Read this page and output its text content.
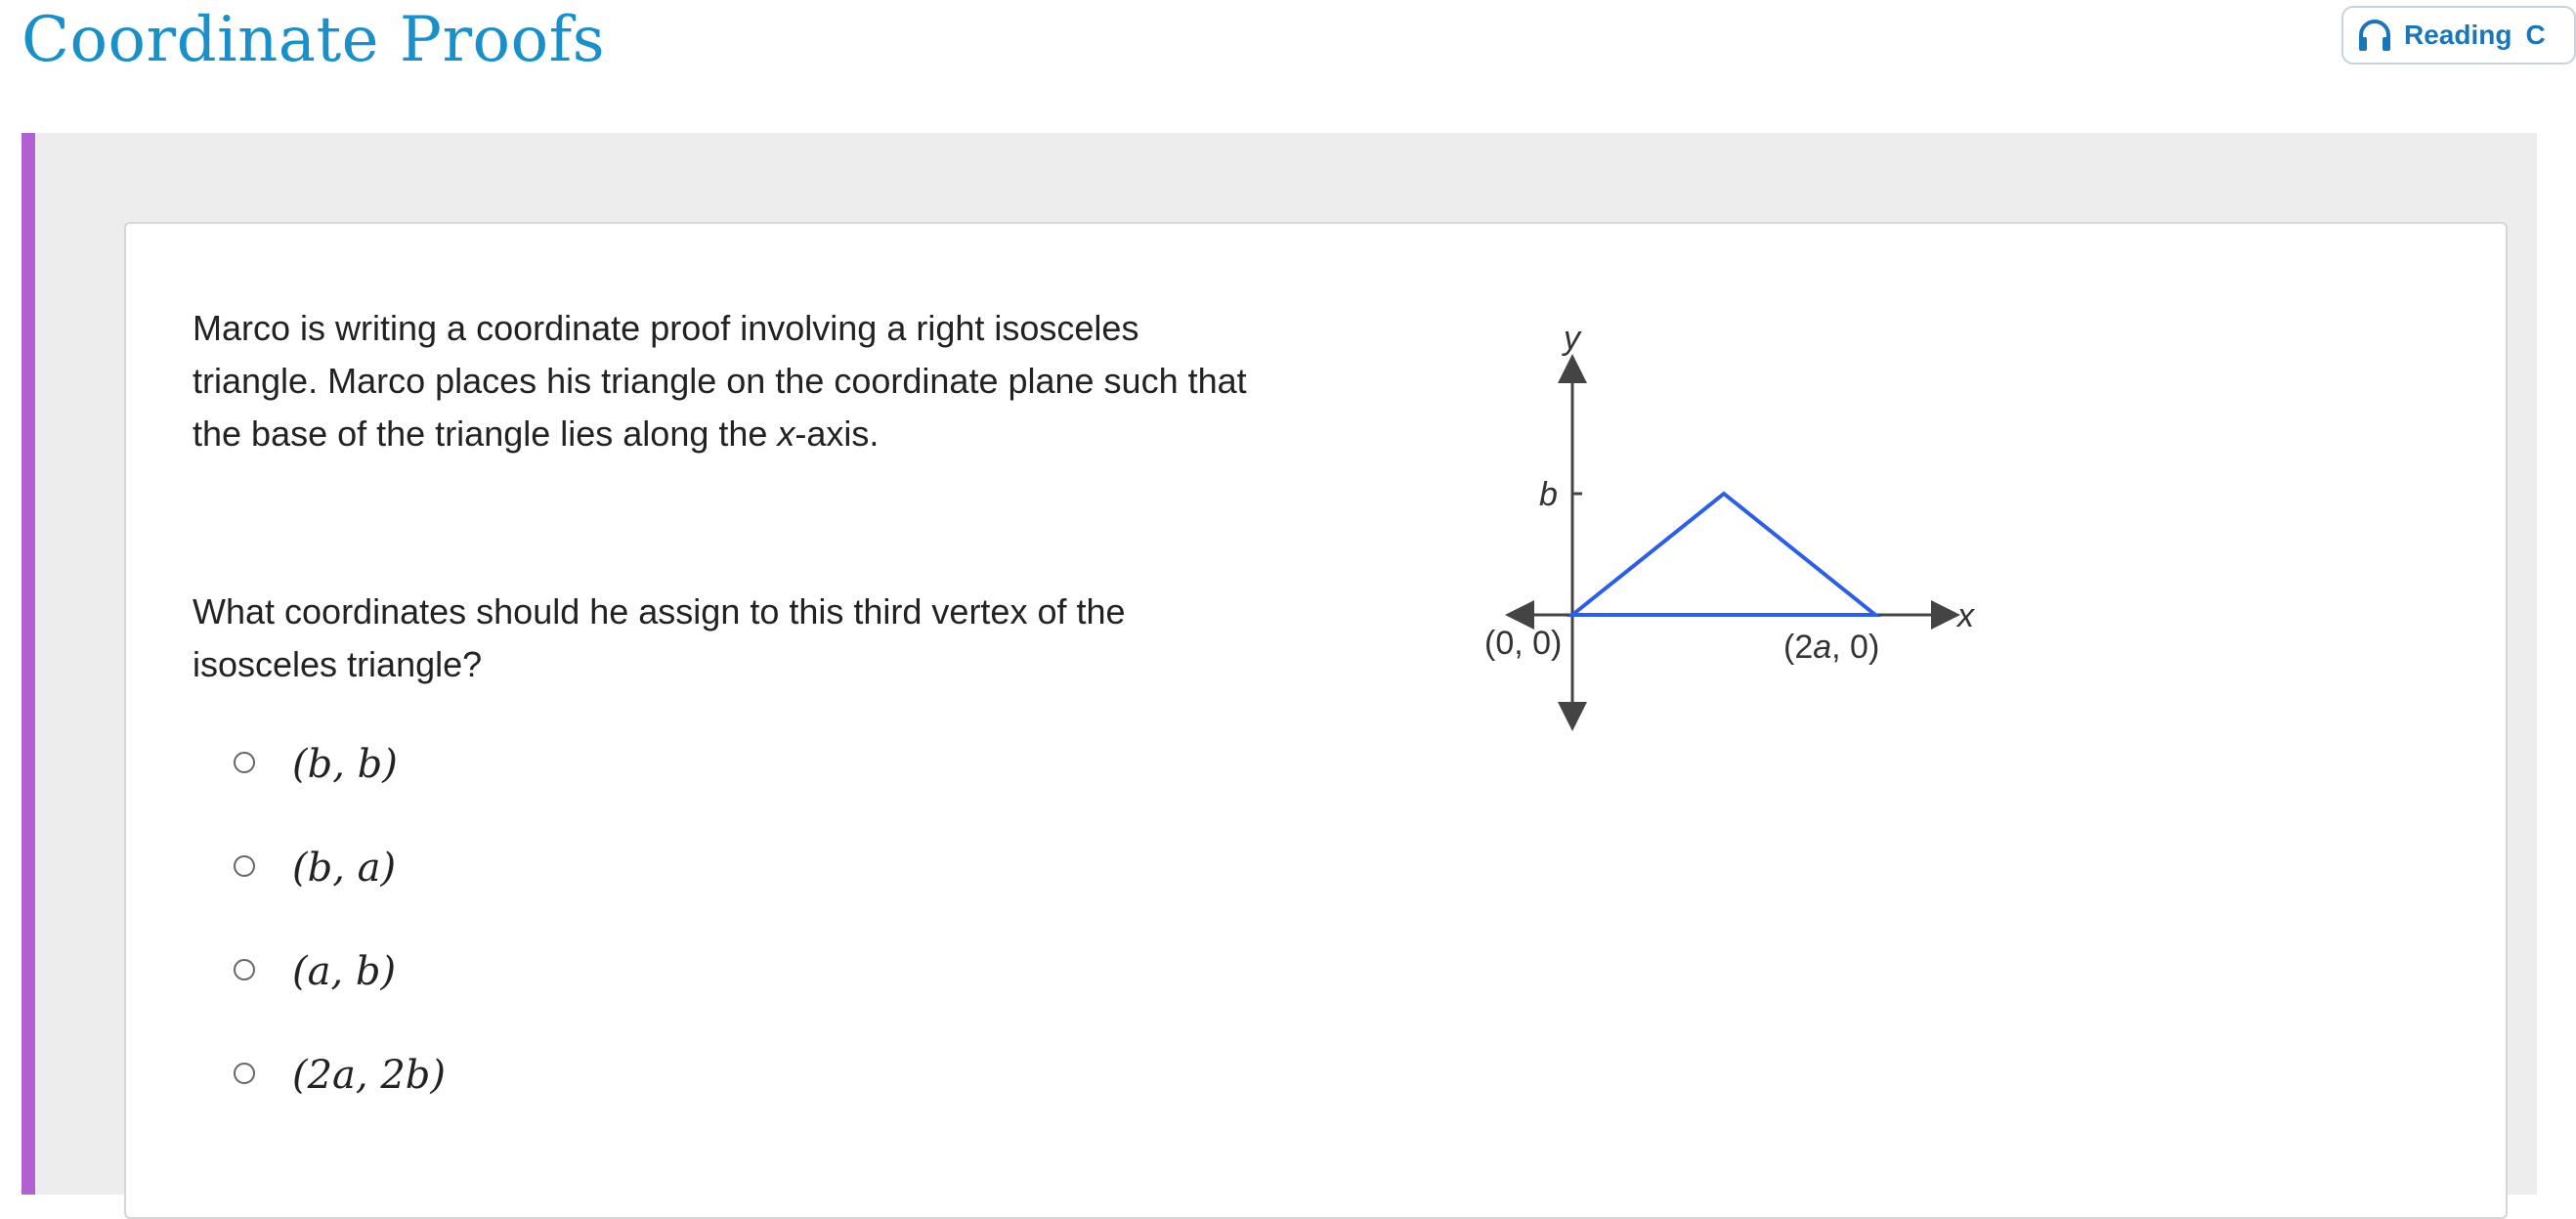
Coordinate Proofs	Reading C

Marco is writing a coordinate proof involving a right isosceles triangle. Marco places his triangle on the coordinate plane such that the base of the triangle lies along the x-axis.

What coordinates should he assign to this third vertex of the isosceles triangle?

(b, b)
(b, a)
(a, b)
(2a, 2b)
y
x
b
(0, 0)	(2a, 0)
